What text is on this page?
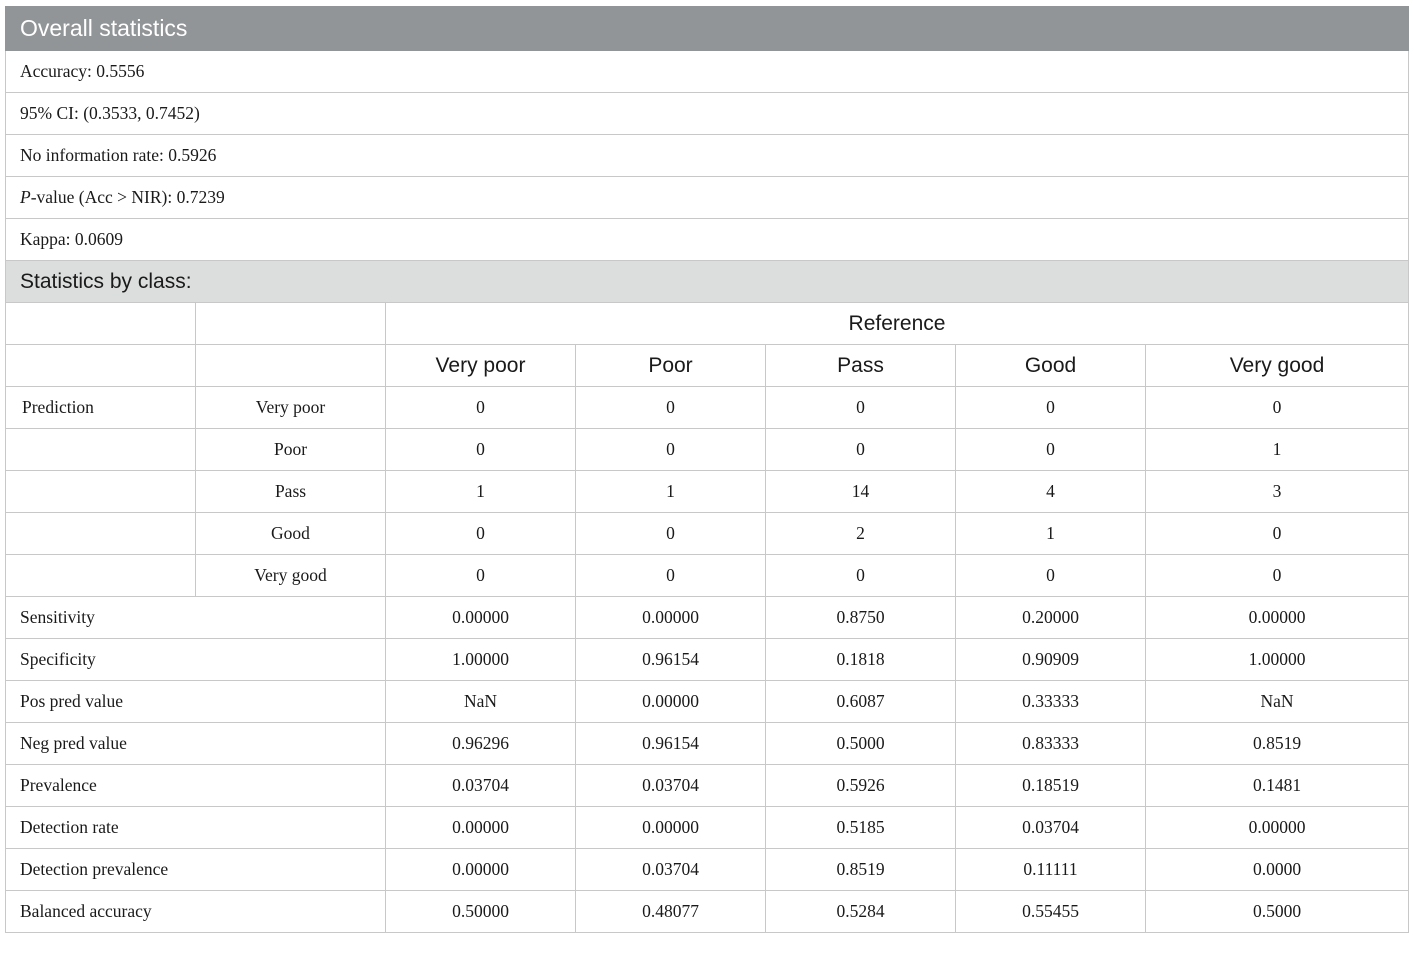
Overall statistics						
Accuracy: 0.5556						
95% CI: (0.3533, 0.7452)						
No information rate: 0.5926						
P-value (Acc > NIR): 0.7239						
Kappa: 0.0609						
Statistics by class:						
		Reference				
		Very poor	Poor	Pass	Good	Very good
Prediction	Very poor	0	0	0	0	0
	Poor	0	0	0	0	1
	Pass	1	1	14	4	3
	Good	0	0	2	1	0
	Very good	0	0	0	0	0
Sensitivity		0.00000	0.00000	0.8750	0.20000	0.00000
Specificity		1.00000	0.96154	0.1818	0.90909	1.00000
Pos pred value		NaN	0.00000	0.6087	0.33333	NaN
Neg pred value		0.96296	0.96154	0.5000	0.83333	0.8519
Prevalence		0.03704	0.03704	0.5926	0.18519	0.1481
Detection rate		0.00000	0.00000	0.5185	0.03704	0.00000
Detection prevalence		0.00000	0.03704	0.8519	0.11111	0.0000
Balanced accuracy		0.50000	0.48077	0.5284	0.55455	0.5000
